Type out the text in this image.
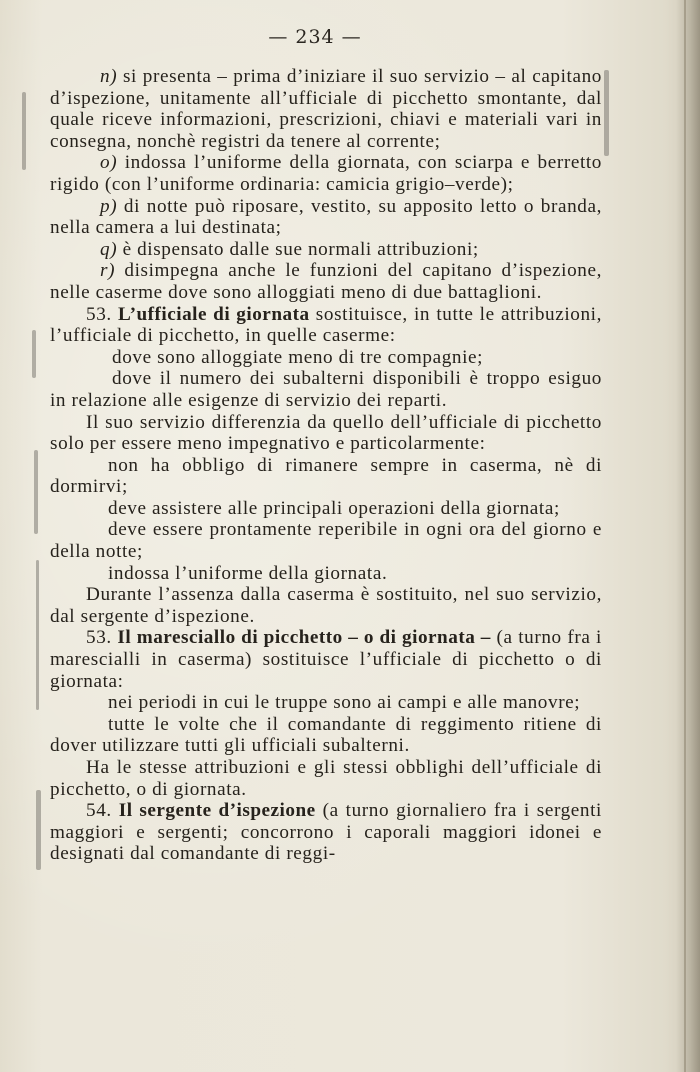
— 234 —

n) si presenta – prima d’iniziare il suo servizio – al capitano d’ispezione, unitamente all’ufficiale di picchetto smontante, dal quale riceve informazioni, prescrizioni, chiavi e materiali vari in consegna, nonchè registri da tenere al corrente;

o) indossa l’uniforme della giornata, con sciarpa e berretto rigido (con l’uniforme ordinaria: camicia grigio–verde);

p) di notte può riposare, vestito, su apposito letto o branda, nella camera a lui destinata;

q) è dispensato dalle sue normali attribuzioni;

r) disimpegna anche le funzioni del capitano d’ispezione, nelle caserme dove sono alloggiati meno di due battaglioni.

53. L’ufficiale di giornata sostituisce, in tutte le attribuzioni, l’ufficiale di picchetto, in quelle caserme:

dove sono alloggiate meno di tre compagnie;

dove il numero dei subalterni disponibili è troppo esiguo in relazione alle esigenze di servizio dei reparti.

Il suo servizio differenzia da quello dell’ufficiale di picchetto solo per essere meno impegnativo e particolarmente:

non ha obbligo di rimanere sempre in caserma, nè di dormirvi;

deve assistere alle principali operazioni della giornata;

deve essere prontamente reperibile in ogni ora del giorno e della notte;

indossa l’uniforme della giornata.

Durante l’assenza dalla caserma è sostituito, nel suo servizio, dal sergente d’ispezione.

53. Il maresciallo di picchetto – o di giornata – (a turno fra i marescialli in caserma) sostituisce l’ufficiale di picchetto o di giornata:

nei periodi in cui le truppe sono ai campi e alle manovre;

tutte le volte che il comandante di reggimento ritiene di dover utilizzare tutti gli ufficiali subalterni.

Ha le stesse attribuzioni e gli stessi obblighi dell’ufficiale di picchetto, o di giornata.

54. Il sergente d’ispezione (a turno giornaliero fra i sergenti maggiori e sergenti; concorrono i caporali maggiori idonei e designati dal comandante di reggi-
